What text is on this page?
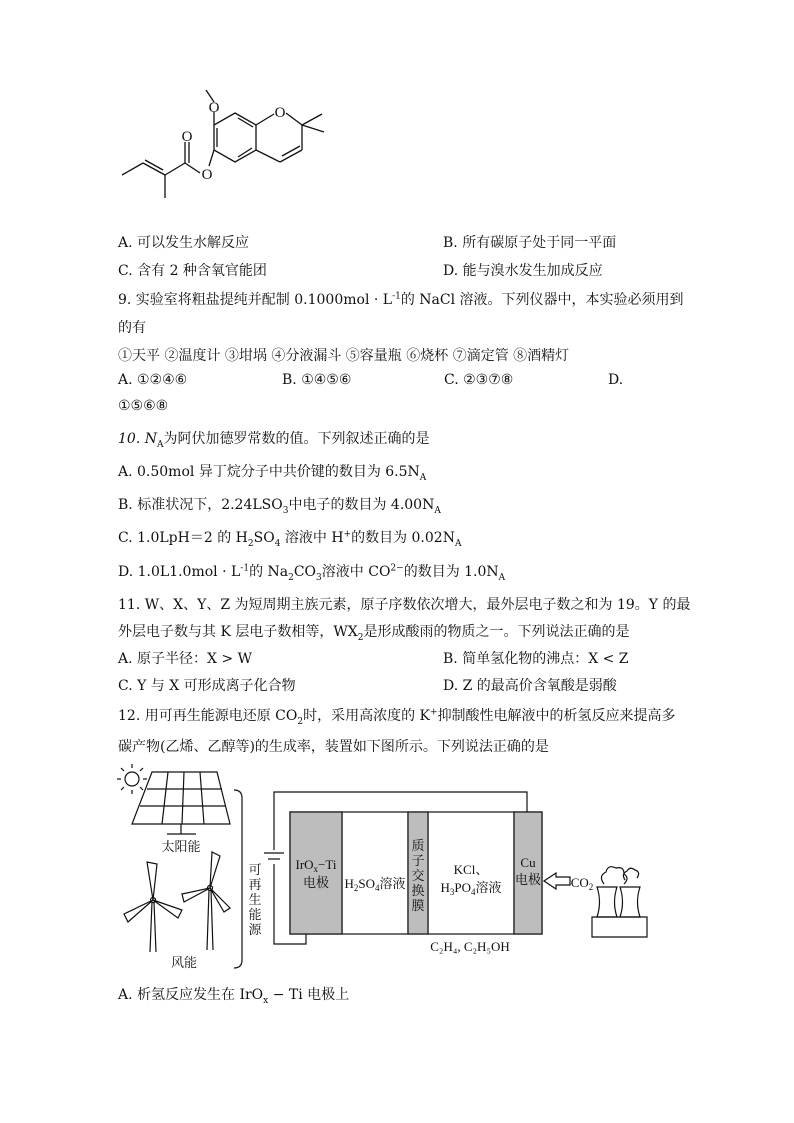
O	O
O
O
A. 可以发生水解反应	B. 所有碳原子处于同一平面
C. 含有 2 种含氧官能团	D. 能与溴水发生加成反应
9. 实验室将粗盐提纯并配制 $0.1000mol \cdot L^{-1}$的 NaCl 溶液。下列仪器中，本实验必须用到
的有
①天平 ②温度计 ③坩埚 ④分液漏斗 ⑤容量瓶 ⑥烧杯 ⑦滴定管 ⑧酒精灯
A. ①②④⑥	B. ①④⑤⑥	C. ②③⑦⑧	D.
①⑤⑥⑧
10. $N_A$为阿伏加德罗常数的值。下列叙述正确的是
A. 0.50mol 异丁烷分子中共价键的数目为 $6.5N_A$
B. 标准状况下，$2.24LSO_3$中电子的数目为 $4.00N_A$
C. 1.0LpH＝2 的 $H_2SO_4$ 溶液中 H+的数目为 $0.02N_A$
D. $1.0L1.0mol \cdot L^{-1}$的 $Na_2CO_3$溶液中 $CO^{2-}$的数目为 $1.0N_A$
11. W、X、Y、Z 为短周期主族元素，原子序数依次增大，最外层电子数之和为 19。Y 的最
外层电子数与其 K 层电子数相等，$WX_2$是形成酸雨的物质之一。下列说法正确的是
A. 原子半径：X > W	B. 简单氢化物的沸点：X < Z
C. Y 与 X 可形成离子化合物	D. Z 的最高价含氧酸是弱酸
12. 用可再生能源电还原 $CO_2$时，采用高浓度的 K+抑制酸性电解液中的析氢反应来提高多
碳产物(乙烯、乙醇等)的生成率，装置如下图所示。下列说法正确的是
太阳能
风能
可
再
生
能
源
IrO$_x$−Ti
电极 $H_2SO_4$溶液
质
子
交
换
膜
KCl、
$H_3PO_4$溶液
Cu
电极 $CO_2$
C₂H₄, C₂H₅OH
A. 析氢反应发生在 IrO$_x$ − Ti 电极上
